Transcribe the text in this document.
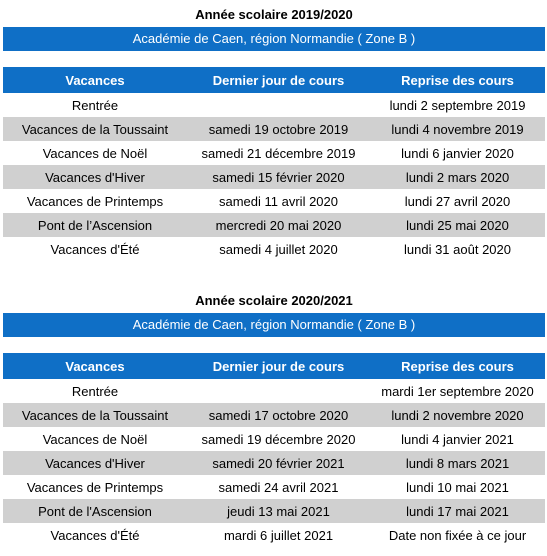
Année scolaire 2019/2020
Académie de Caen, région Normandie ( Zone B )
Vacances	Dernier jour de cours	Reprise des cours
Rentrée		lundi 2 septembre 2019
Vacances de la Toussaint	samedi 19 octobre 2019	lundi 4 novembre 2019
Vacances de Noël	samedi 21 décembre 2019	lundi 6 janvier 2020
Vacances d'Hiver	samedi 15 février 2020	lundi 2 mars 2020
Vacances de Printemps	samedi 11 avril 2020	lundi 27 avril 2020
Pont de l’Ascension	mercredi 20 mai 2020	lundi 25 mai 2020
Vacances d'Été	samedi 4 juillet 2020	lundi 31 août 2020
Année scolaire 2020/2021
Académie de Caen, région Normandie ( Zone B )
Vacances	Dernier jour de cours	Reprise des cours
Rentrée		mardi 1er septembre 2020
Vacances de la Toussaint	samedi 17 octobre 2020	lundi 2 novembre 2020
Vacances de Noël	samedi 19 décembre 2020	lundi 4 janvier 2021
Vacances d'Hiver	samedi 20 février 2021	lundi 8 mars 2021
Vacances de Printemps	samedi 24 avril 2021	lundi 10 mai 2021
Pont de l'Ascension	jeudi 13 mai 2021	lundi 17 mai 2021
Vacances d'Été	mardi 6 juillet 2021	Date non fixée à ce jour
